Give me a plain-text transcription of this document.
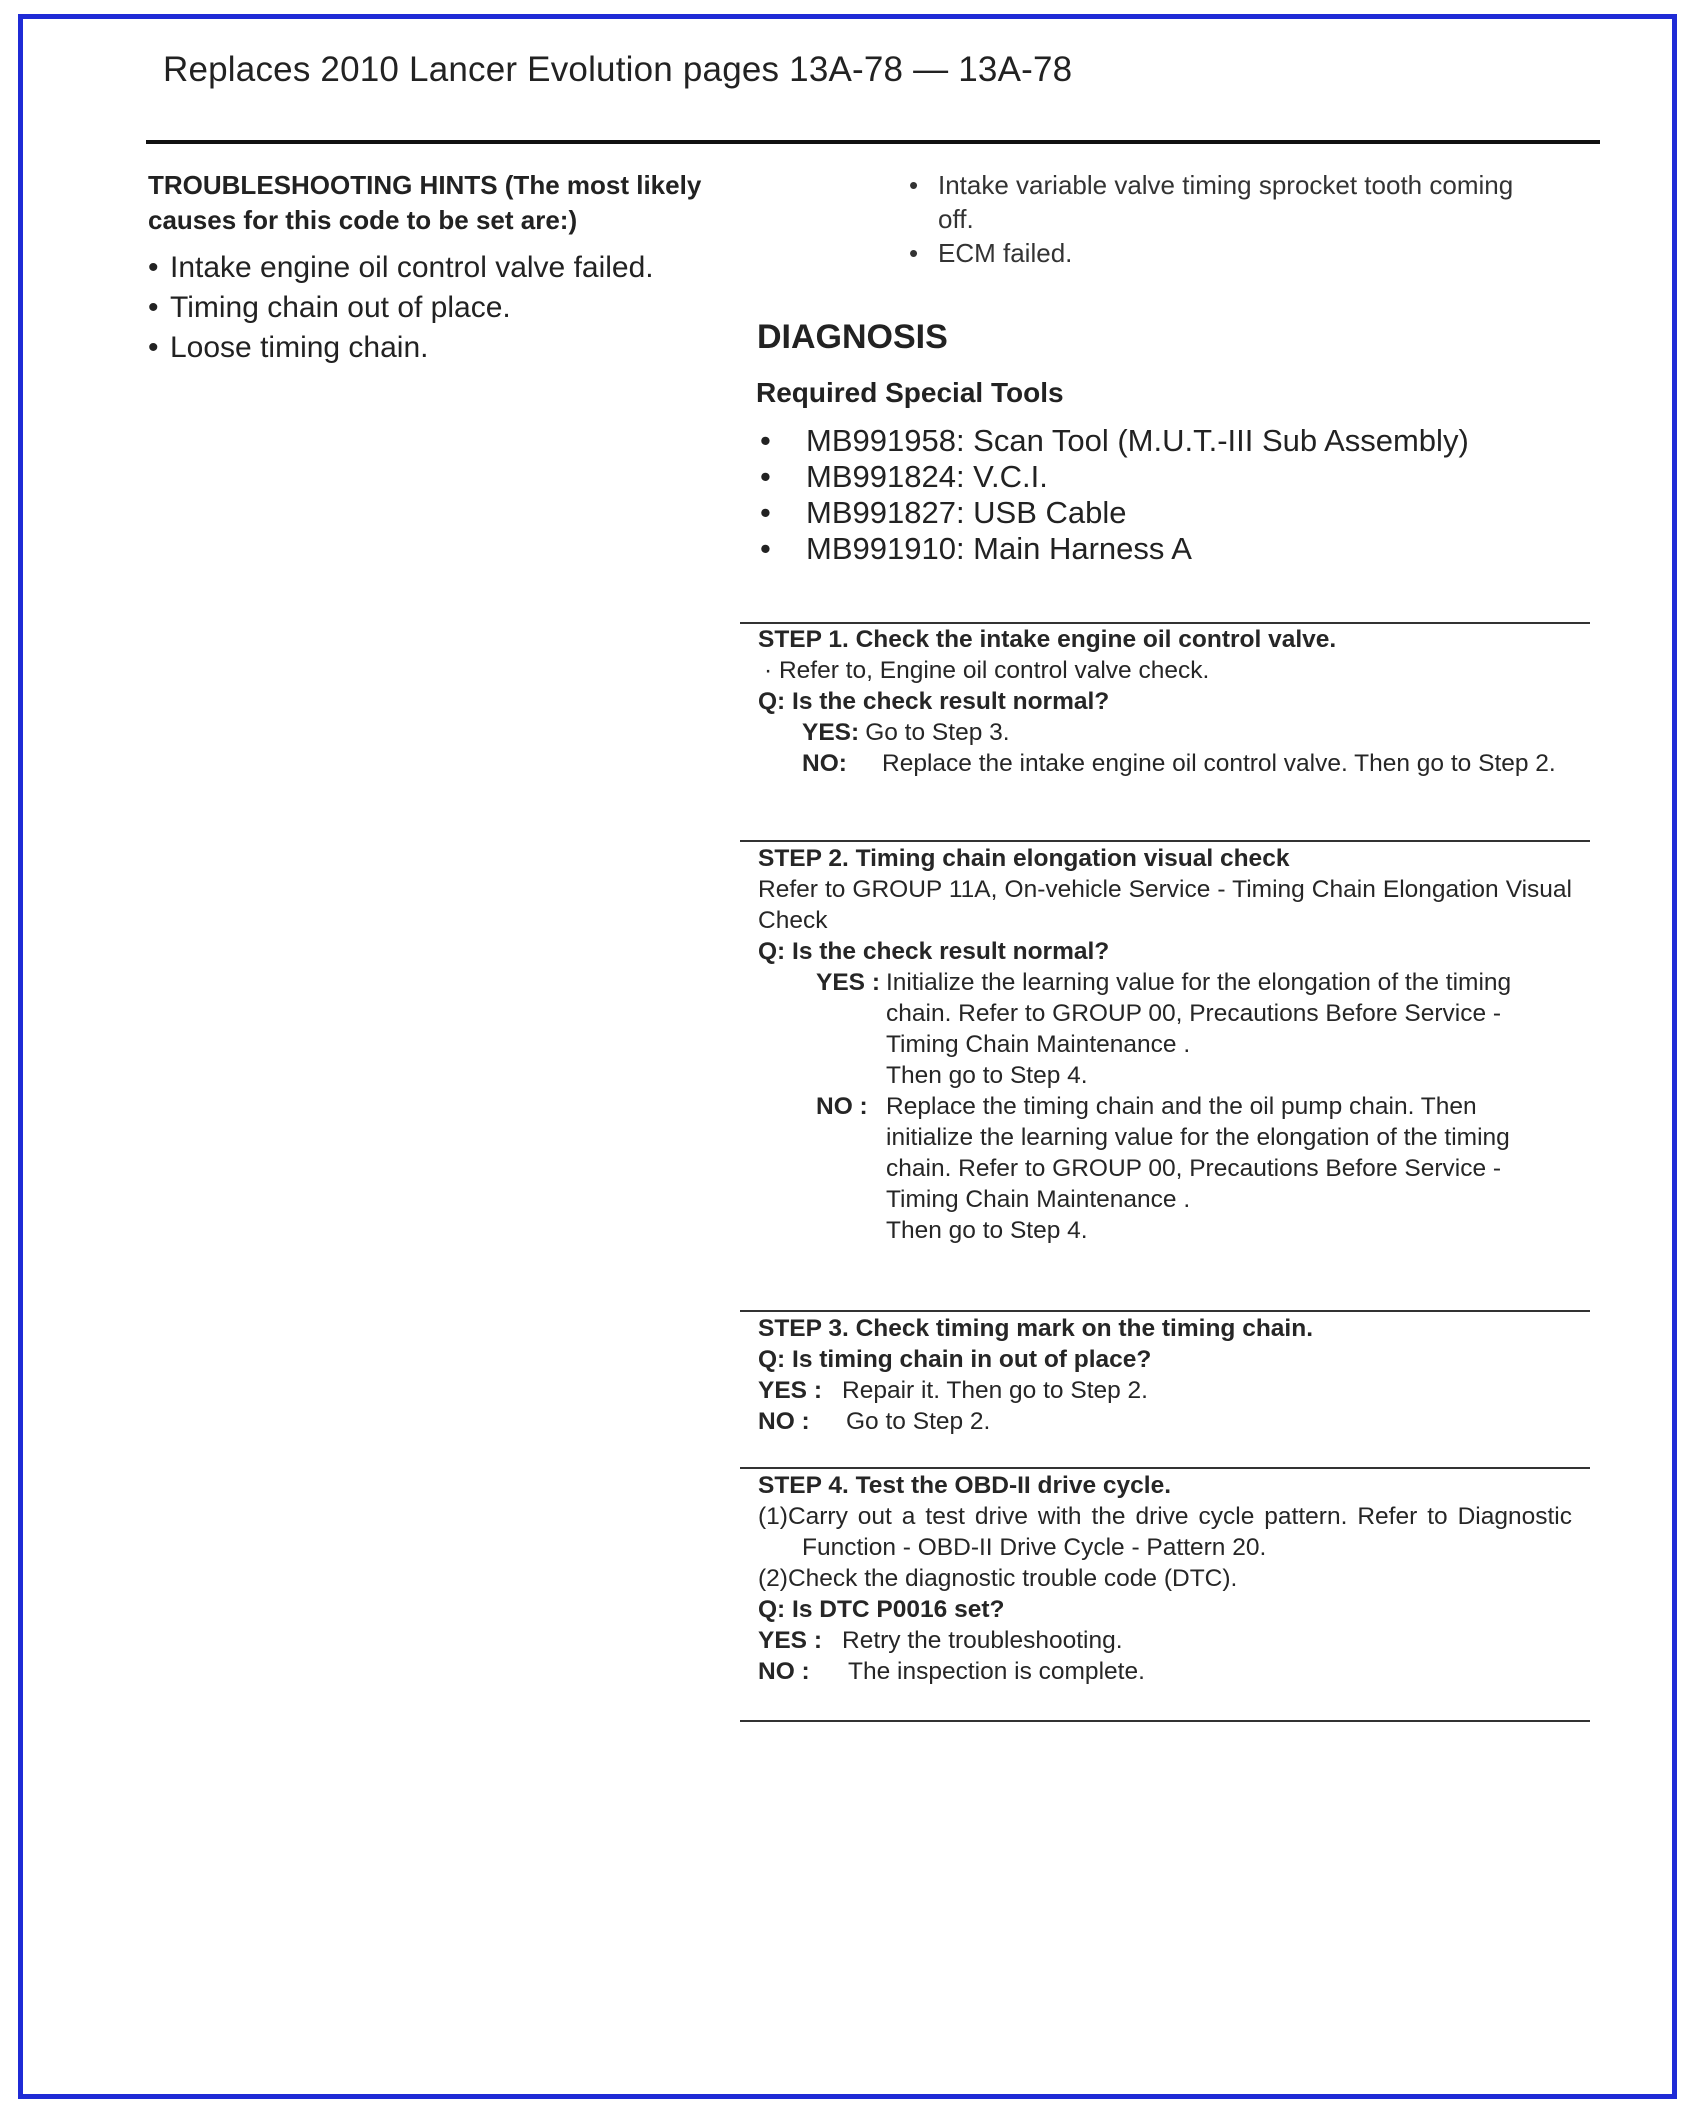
Replaces 2010 Lancer Evolution pages 13A-78 — 13A-78
TROUBLESHOOTING HINTS (The most likely
causes for this code to be set are:)
• Intake engine oil control valve failed.
• Timing chain out of place.
• Loose timing chain.
• Intake variable valve timing sprocket tooth coming off.
• ECM failed.
DIAGNOSIS
Required Special Tools
• MB991958: Scan Tool (M.U.T.-III Sub Assembly)
• MB991824: V.C.I.
• MB991827: USB Cable
• MB991910: Main Harness A
STEP 1. Check the intake engine oil control valve.
· Refer to, Engine oil control valve check.
Q: Is the check result normal?
YES: Go to Step 3.
NO:	Replace the intake engine oil control valve. Then go to Step 2.
STEP 2. Timing chain elongation visual check
Refer to GROUP 11A, On-vehicle Service - Timing Chain Elongation Visual Check
Q: Is the check result normal?
YES : Initialize the learning value for the elongation of the timing chain. Refer to GROUP 00, Precautions Before Service - Timing Chain Maintenance .
Then go to Step 4.
NO : Replace the timing chain and the oil pump chain. Then initialize the learning value for the elongation of the timing chain. Refer to GROUP 00, Precautions Before Service - Timing Chain Maintenance .
Then go to Step 4.
STEP 3. Check timing mark on the timing chain.
Q: Is timing chain in out of place?
YES : Repair it. Then go to Step 2.
NO :	Go to Step 2.
STEP 4. Test the OBD-II drive cycle.
(1)Carry out a test drive with the drive cycle pattern. Refer to Diagnostic Function - OBD-II Drive Cycle - Pattern 20.
(2)Check the diagnostic trouble code (DTC).
Q: Is DTC P0016 set?
YES : Retry the troubleshooting.
NO :	The inspection is complete.
